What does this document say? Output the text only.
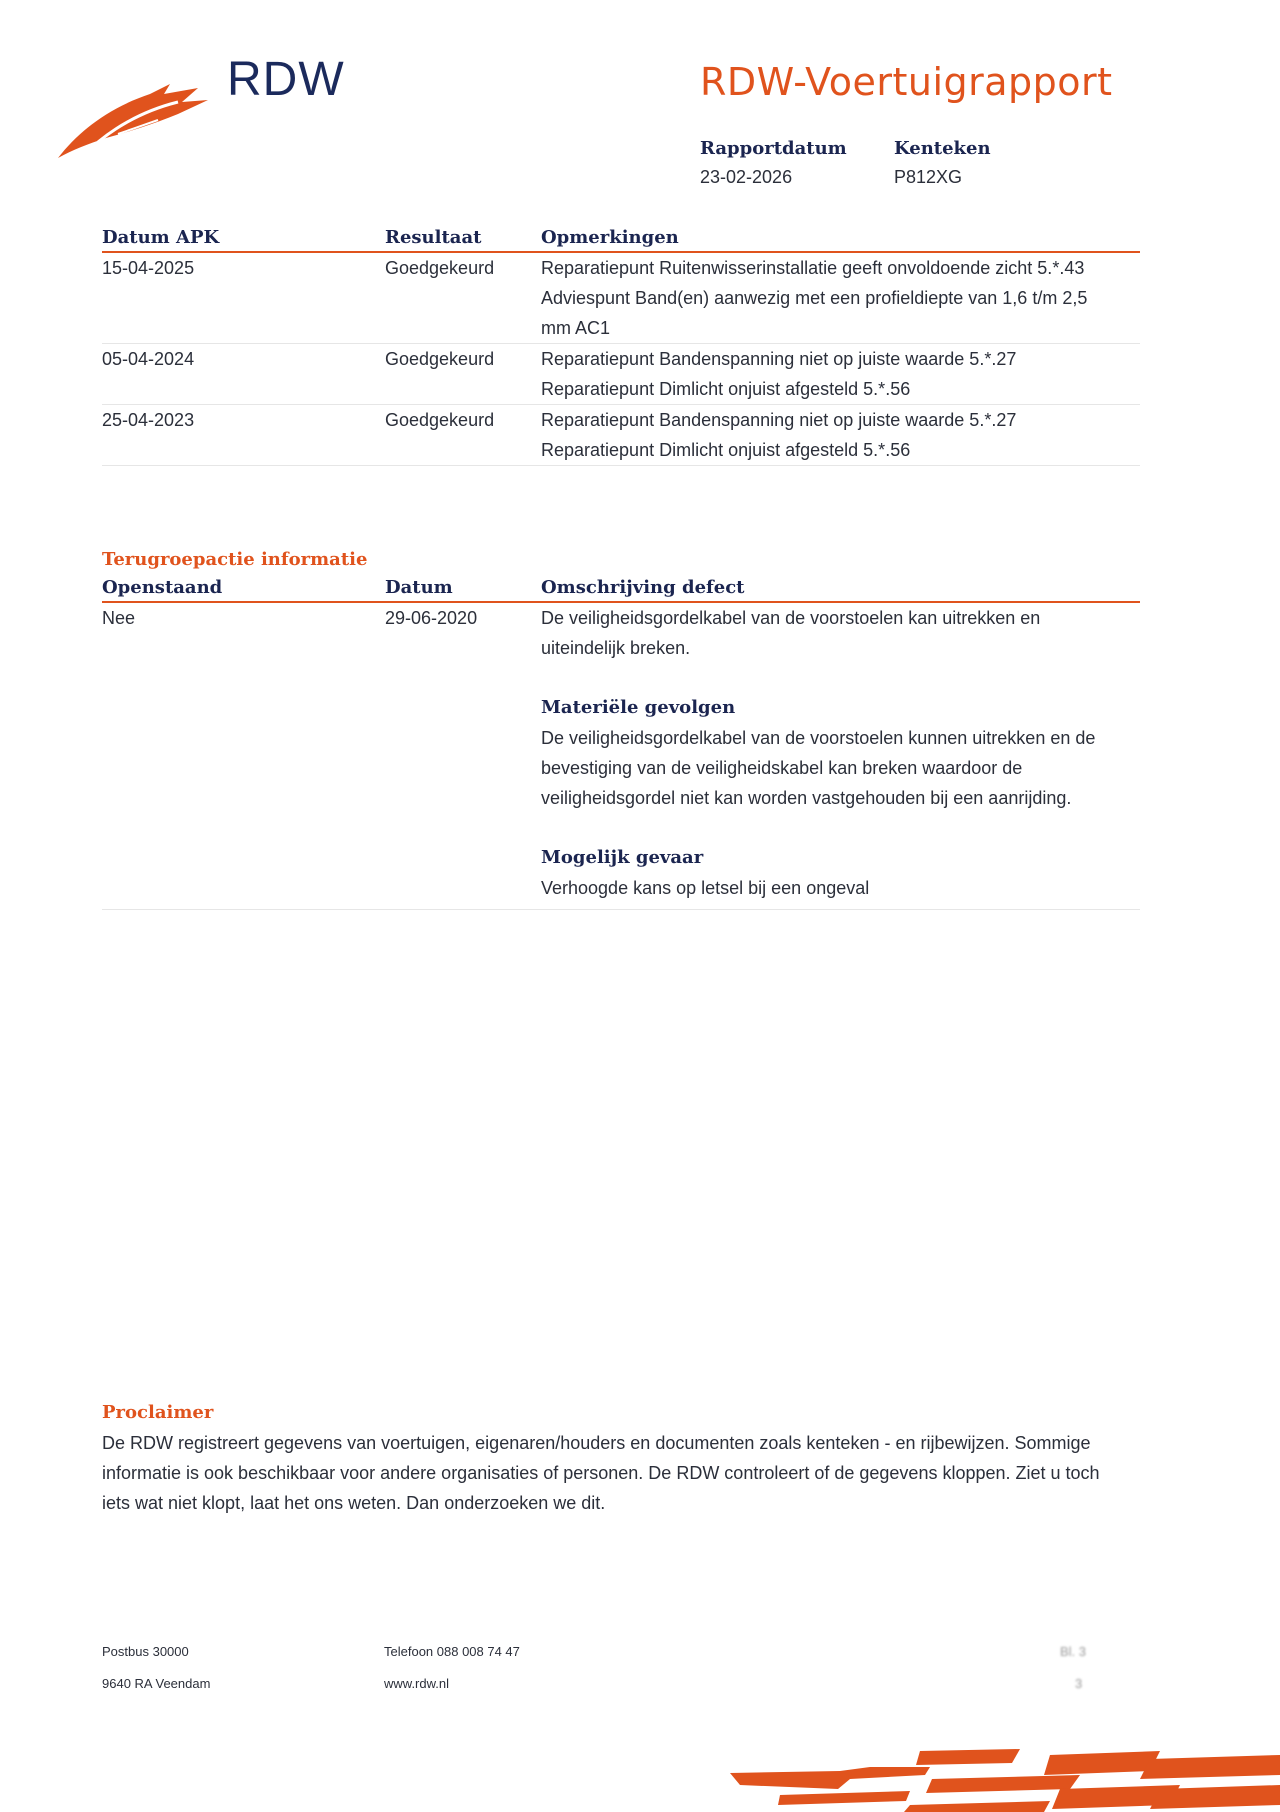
RDW	RDW-Voertuigrapport
Rapportdatum
23-02-2026
Kenteken
P812XG
Datum APK	Resultaat	Opmerkingen
15-04-2025	Goedgekeurd	Reparatiepunt Ruitenwisserinstallatie geeft onvoldoende zicht 5.*.43
Adviespunt Band(en) aanwezig met een profieldiepte van 1,6 t/m 2,5 mm AC1
05-04-2024	Goedgekeurd	Reparatiepunt Bandenspanning niet op juiste waarde 5.*.27
Reparatiepunt Dimlicht onjuist afgesteld 5.*.56
25-04-2023	Goedgekeurd	Reparatiepunt Bandenspanning niet op juiste waarde 5.*.27
Reparatiepunt Dimlicht onjuist afgesteld 5.*.56
Terugroepactie informatie
Openstaand	Datum	Omschrijving defect
Nee	29-06-2020	De veiligheidsgordelkabel van de voorstoelen kan uitrekken en uiteindelijk breken.
Materiële gevolgen
De veiligheidsgordelkabel van de voorstoelen kunnen uitrekken en de bevestiging van de veiligheidskabel kan breken waardoor de veiligheidsgordel niet kan worden vastgehouden bij een aanrijding.
Mogelijk gevaar
Verhoogde kans op letsel bij een ongeval
Proclaimer
De RDW registreert gegevens van voertuigen, eigenaren/houders en documenten zoals kenteken - en rijbewijzen. Sommige informatie is ook beschikbaar voor andere organisaties of personen. De RDW controleert of de gegevens kloppen. Ziet u toch iets wat niet klopt, laat het ons weten. Dan onderzoeken we dit.
Postbus 30000
9640 RA Veendam
Telefoon 088 008 74 47
www.rdw.nl
Bl. 3
3
